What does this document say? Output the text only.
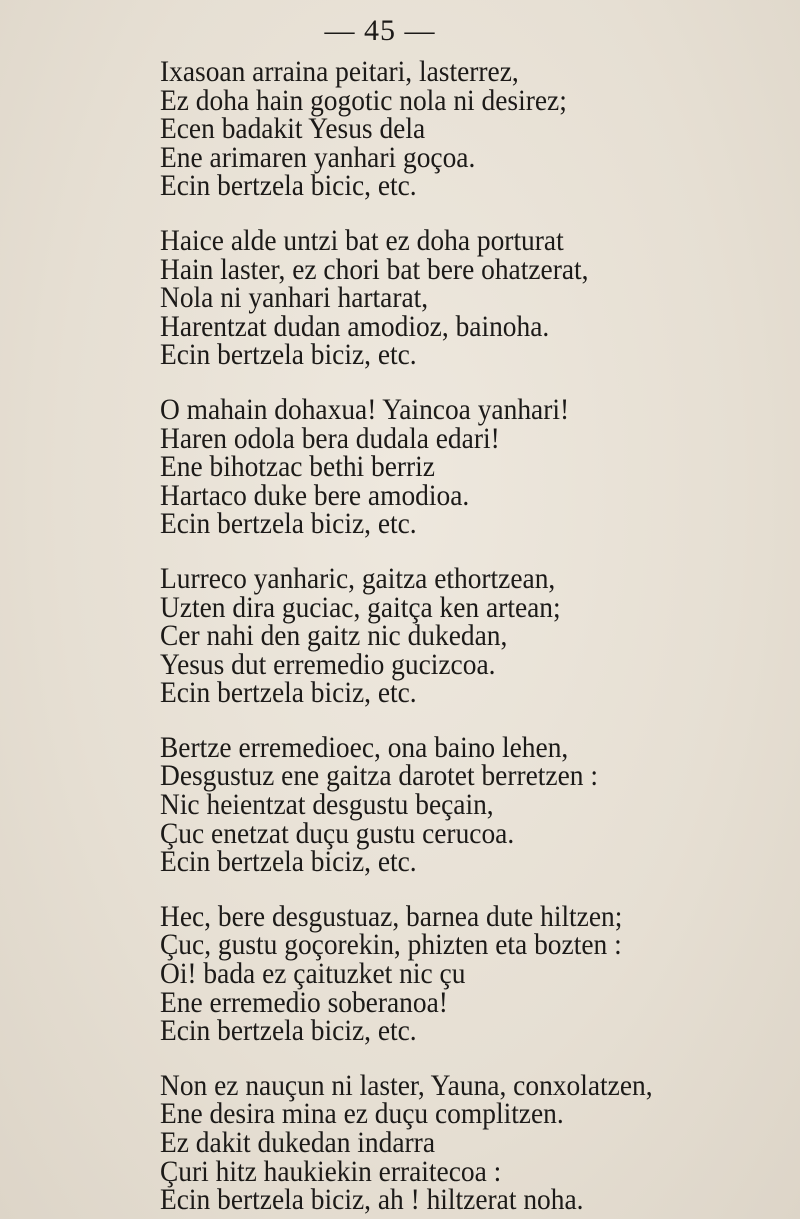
— 45 —
Ixasoan arraina peitari, lasterrez,
Ez doha hain gogotic nola ni desirez;
Ecen badakit Yesus dela
Ene arimaren yanhari goçoa.
Ecin bertzela bicic, etc.
Haice alde untzi bat ez doha porturat
Hain laster, ez chori bat bere ohatzerat,
Nola ni yanhari hartarat,
Harentzat dudan amodioz, bainoha.
Ecin bertzela biciz, etc.
O mahain dohaxua! Yaincoa yanhari!
Haren odola bera dudala edari!
Ene bihotzac bethi berriz
Hartaco duke bere amodioa.
Ecin bertzela biciz, etc.
Lurreco yanharic, gaitza ethortzean,
Uzten dira guciac, gaitça ken artean;
Cer nahi den gaitz nic dukedan,
Yesus dut erremedio gucizcoa.
Ecin bertzela biciz, etc.
Bertze erremedioec, ona baino lehen,
Desgustuz ene gaitza darotet berretzen :
Nic heientzat desgustu beçain,
Çuc enetzat duçu gustu cerucoa.
Ecin bertzela biciz, etc.
Hec, bere desgustuaz, barnea dute hiltzen;
Çuc, gustu goçorekin, phizten eta bozten :
Oi! bada ez çaituzket nic çu
Ene erremedio soberanoa!
Ecin bertzela biciz, etc.
Non ez nauçun ni laster, Yauna, conxolatzen,
Ene desira mina ez duçu complitzen.
Ez dakit dukedan indarra
Çuri hitz haukiekin erraitecoa :
Ecin bertzela biciz, ah ! hiltzerat noha.
